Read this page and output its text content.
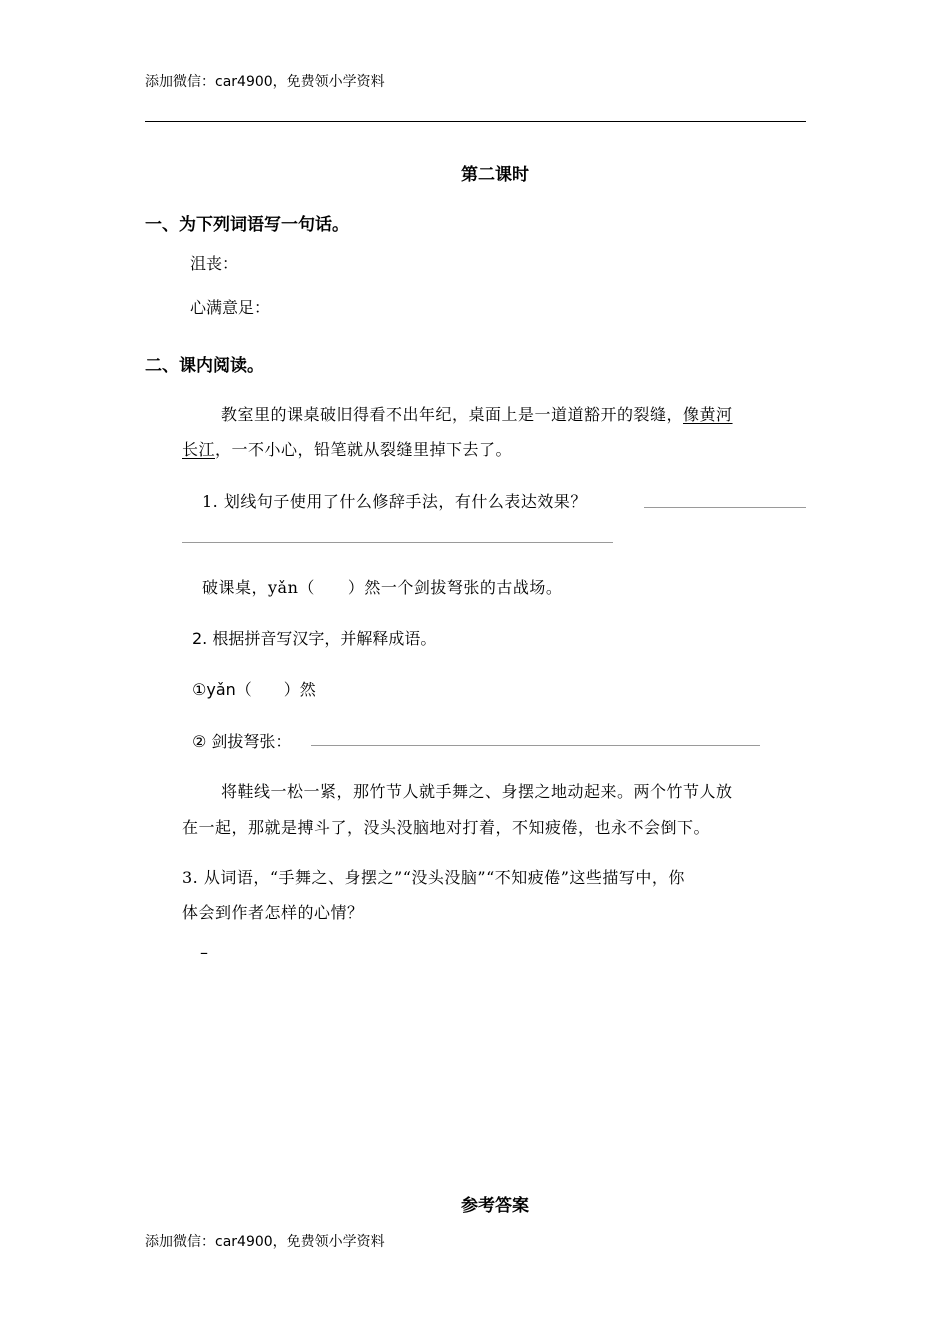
添加微信：car4900，免费领小学资料
第二课时
一、为下列词语写一句话。
沮丧：
心满意足：
二、课内阅读。
教室里的课桌破旧得看不出年纪，桌面上是一道道豁开的裂缝，像黄河
长江，一不小心，铅笔就从裂缝里掉下去了。
1. 划线句子使用了什么修辞手法，有什么表达效果？
破课桌，yǎn（　　）然一个剑拔弩张的古战场。
2. 根据拼音写汉字，并解释成语。
①yǎn（　　）然
② 剑拔弩张：
将鞋线一松一紧，那竹节人就手舞之、身摆之地动起来。两个竹节人放
在一起，那就是搏斗了，没头没脑地对打着，不知疲倦，也永不会倒下。
3. 从词语，“手舞之、身摆之”“没头没脑”“不知疲倦”这些描写中，你
体会到作者怎样的心情？
–
参考答案
添加微信：car4900，免费领小学资料
